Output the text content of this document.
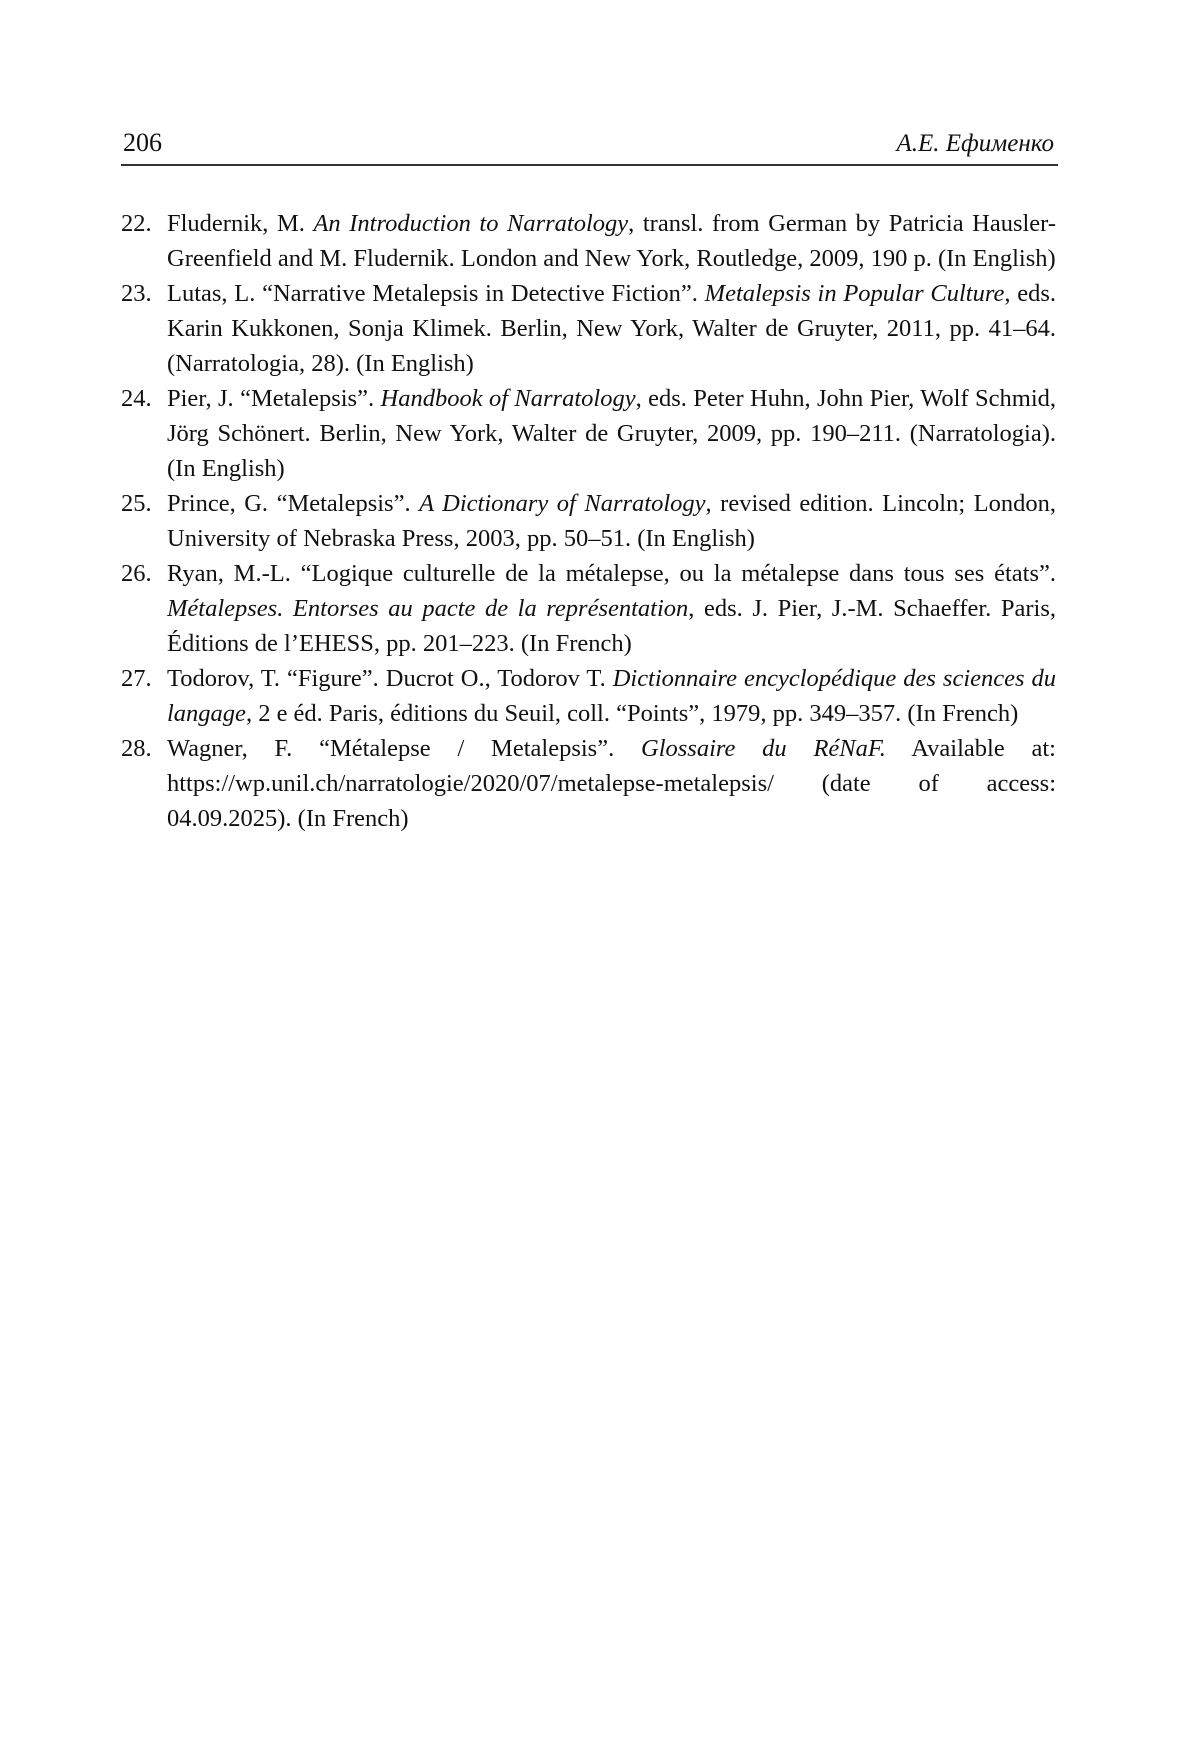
206	А.Е. Ефименко
22. Fludernik, M. An Introduction to Narratology, transl. from German by Patricia Hausler-Greenfield and M. Fludernik. London and New York, Routledge, 2009, 190 p. (In English)
23. Lutas, L. “Narrative Metalepsis in Detective Fiction”. Metalepsis in Popular Culture, eds. Karin Kukkonen, Sonja Klimek. Berlin, New York, Walter de Gruyter, 2011, pp. 41–64. (Narratologia, 28). (In English)
24. Pier, J. “Metalepsis”. Handbook of Narratology, eds. Peter Huhn, John Pier, Wolf Schmid, Jörg Schönert. Berlin, New York, Walter de Gruyter, 2009, pp. 190–211. (Narratologia). (In English)
25. Prince, G. “Metalepsis”. A Dictionary of Narratology, revised edition. Lincoln; London, University of Nebraska Press, 2003, pp. 50–51. (In English)
26. Ryan, M.-L. “Logique culturelle de la métalepse, ou la métalepse dans tous ses états”. Métalepses. Entorses au pacte de la représentation, eds. J. Pier, J.-M. Schaeffer. Paris, Éditions de l’EHESS, pp. 201–223. (In French)
27. Todorov, T. “Figure”. Ducrot O., Todorov T. Dictionnaire encyclopédique des sciences du langage, 2 e éd. Paris, éditions du Seuil, coll. “Points”, 1979, pp. 349–357. (In French)
28. Wagner, F. “Métalepse / Metalepsis”. Glossaire du RéNaF. Available at: https://wp.unil.ch/narratologie/2020/07/metalepse-metalepsis/ (date of access: 04.09.2025). (In French)
